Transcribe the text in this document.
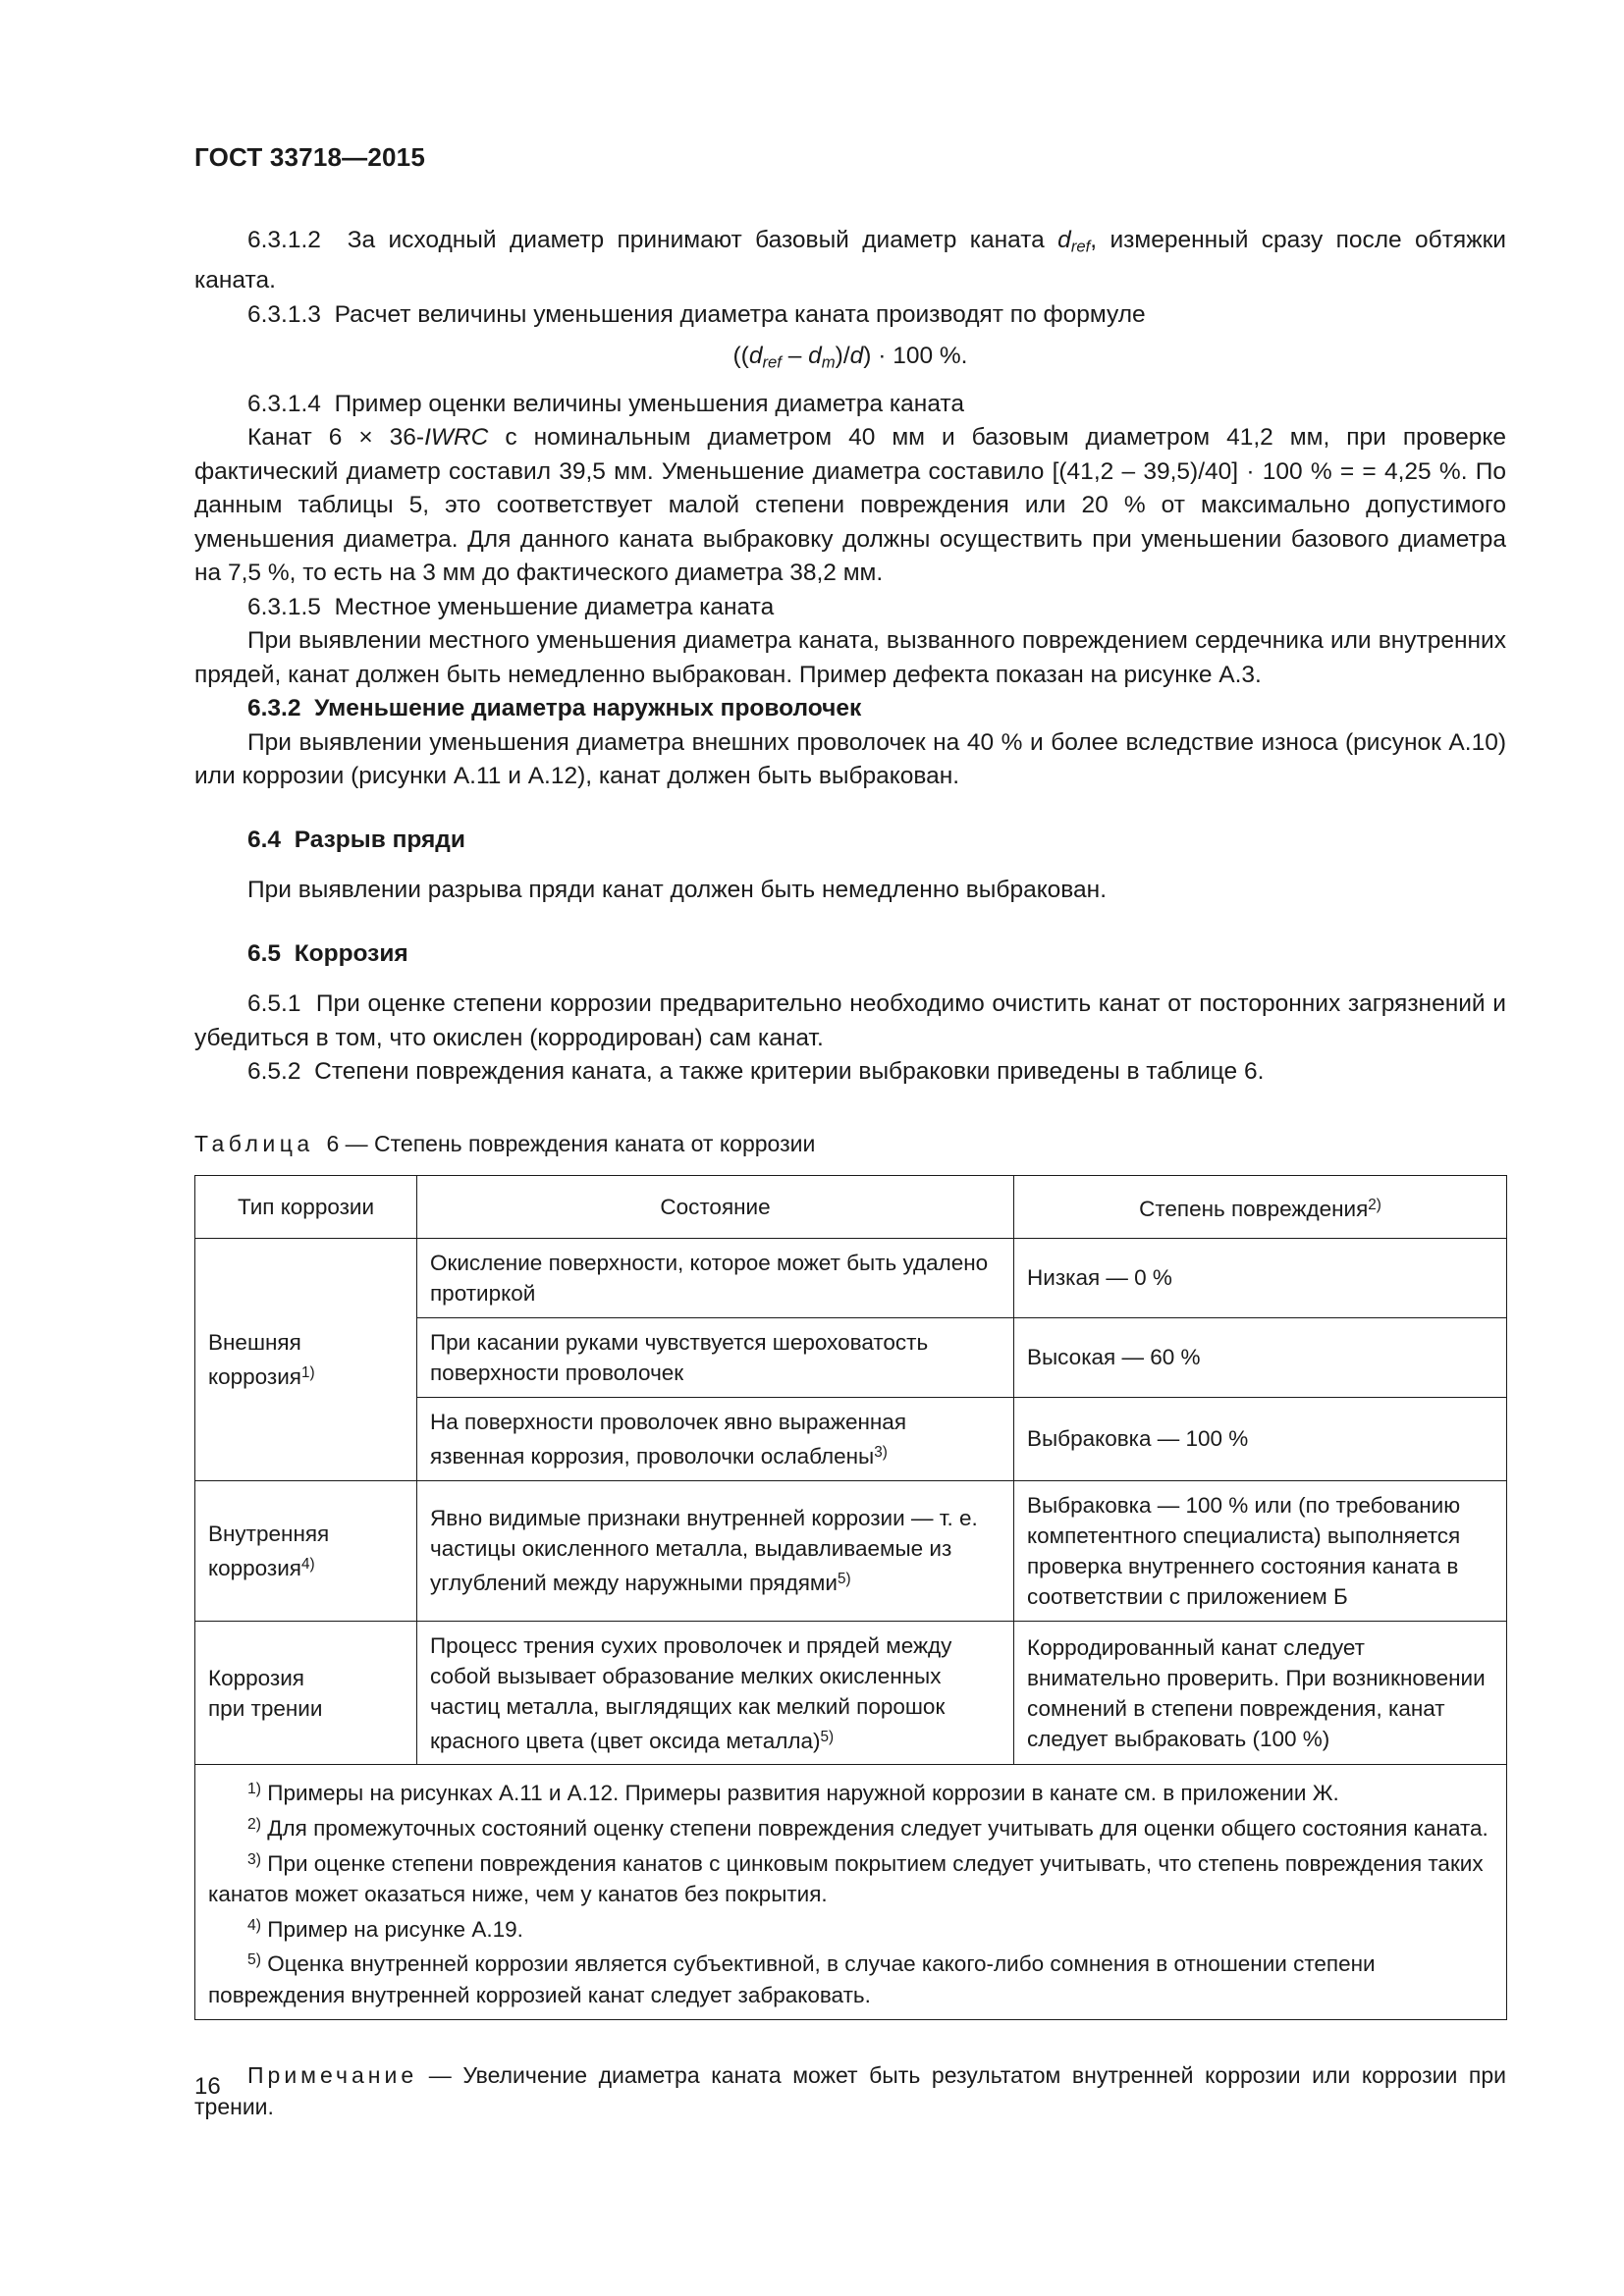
ГОСТ 33718—2015

6.3.1.2 За исходный диаметр принимают базовый диаметр каната $d_{ref}$, измеренный сразу после обтяжки каната.

6.3.1.3 Расчет величины уменьшения диаметра каната производят по формуле

$((d_{ref} - d_m)/d) \cdot 100$ %.

6.3.1.4 Пример оценки величины уменьшения диаметра каната

Канат 6 × 36-IWRC с номинальным диаметром 40 мм и базовым диаметром 41,2 мм, при проверке фактический диаметр составил 39,5 мм. Уменьшение диаметра составило [(41,2 – 39,5)/40] · 100 % = = 4,25 %. По данным таблицы 5, это соответствует малой степени повреждения или 20 % от максимально допустимого уменьшения диаметра. Для данного каната выбраковку должны осуществить при уменьшении базового диаметра на 7,5 %, то есть на 3 мм до фактического диаметра 38,2 мм.

6.3.1.5 Местное уменьшение диаметра каната

При выявлении местного уменьшения диаметра каната, вызванного повреждением сердечника или внутренних прядей, канат должен быть немедленно выбракован. Пример дефекта показан на рисунке А.3.

6.3.2 Уменьшение диаметра наружных проволочек

При выявлении уменьшения диаметра внешних проволочек на 40 % и более вследствие износа (рисунок А.10) или коррозии (рисунки А.11 и А.12), канат должен быть выбракован.

6.4 Разрыв пряди

При выявлении разрыва пряди канат должен быть немедленно выбракован.

6.5 Коррозия

6.5.1 При оценке степени коррозии предварительно необходимо очистить канат от посторонних загрязнений и убедиться в том, что окислен (корродирован) сам канат.

6.5.2 Степени повреждения каната, а также критерии выбраковки приведены в таблице 6.

Таблица 6 — Степень повреждения каната от коррозии

Тип коррозии	Состояние	Степень повреждения$^{2)}$
Внешняя
коррозия$^{1)}$	Окисление поверхности, которое может быть удалено протиркой	Низкая — 0 %
	При касании руками чувствуется шероховатость поверхности проволочек	Высокая — 60 %
	На поверхности проволочек явно выраженная язвенная коррозия, проволочки ослаблены$^{3)}$	Выбраковка — 100 %
Внутренняя
коррозия$^{4)}$	Явно видимые признаки внутренней коррозии — т. е. частицы окисленного металла, выдавливаемые из углублений между наружными прядями$^{5)}$	Выбраковка — 100 % или (по требованию компетентного специалиста) выполняется проверка внутреннего состояния каната в соответствии с приложением Б
Коррозия
при трении	Процесс трения сухих проволочек и прядей между собой вызывает образование мелких окисленных частиц металла, выглядящих как мелкий порошок красного цвета (цвет оксида металла)$^{5)}$	Корродированный канат следует внимательно проверить. При возникновении сомнений в степени повреждения, канат следует выбраковать (100 %)

$^{1)}$ Примеры на рисунках А.11 и А.12. Примеры развития наружной коррозии в канате см. в приложении Ж.

$^{2)}$ Для промежуточных состояний оценку степени повреждения следует учитывать для оценки общего состояния каната.

$^{3)}$ При оценке степени повреждения канатов с цинковым покрытием следует учитывать, что степень повреждения таких канатов может оказаться ниже, чем у канатов без покрытия.

$^{4)}$ Пример на рисунке А.19.

$^{5)}$ Оценка внутренней коррозии является субъективной, в случае какого-либо сомнения в отношении степени повреждения внутренней коррозией канат следует забраковать.		

Примечание — Увеличение диаметра каната может быть результатом внутренней коррозии или коррозии при трении.

16
